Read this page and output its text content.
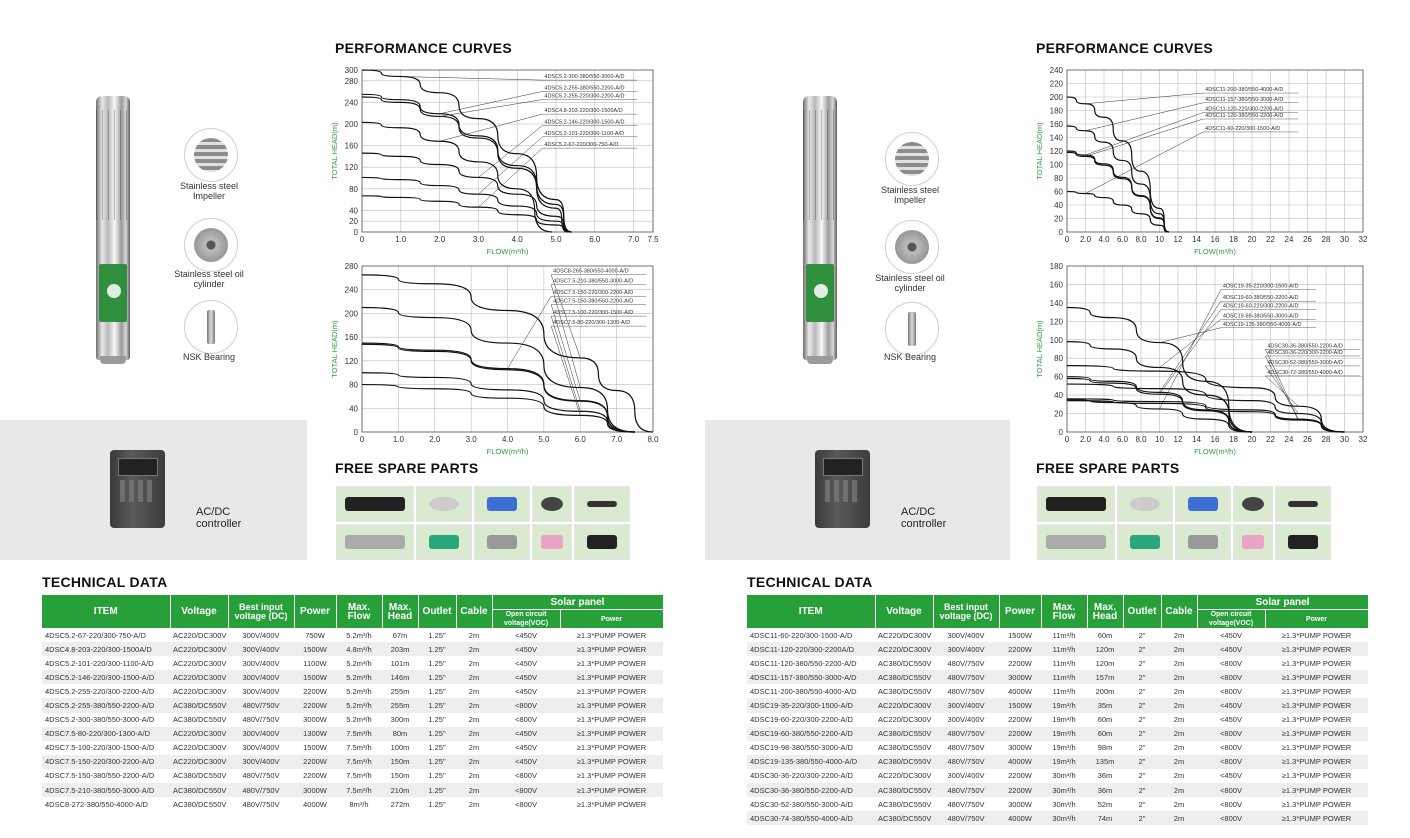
Stainless steel Impeller
Stainless steel oil cylinder
NSK Bearing
AC/DC controller
PERFORMANCE CURVES
0	1.0	2.0	3.0	4.0	5.0	6.0	7.0 7.5
0
20
40
80
120
160
200
240
280
300
FLOW(m³/h)
TOTAL HEAD(m)
4DSC5.2-300-380/550-3000-A/D
4DSC5.2-255-380/550-2200-A/D
4DSC5.2-255-220/300-2200-A/D
4DSC4.8-203-220/300-1500A/D
4DSC5.2-146-220/300-1500-A/D
4DSC5.2-101-220/300-1100-A/D
4DSC5.2-67-220/300-750-A/D
0	1.0	2.0	3.0	4.0	5.0	6.0	7.0	8.0
0
40
80
120
160
200
240
280
FLOW(m³/h)
TOTAL HEAD(m)
4DSC8-265-380/550-4000-A/D
4DSC7.5-210-380/550-3000-A/D
4DSC7.5-150-220/300-2200-A/D
4DSC7.5-150-380/550-2200-A/D
4DSC7.5-100-220/300-1500-A/D
4DSC7.5-80-220/300-1300-A/D
FREE SPARE PARTS
TECHNICAL DATA
ITEM	Voltage	Best input voltage (DC)	Power	Max. Flow	Max. Head	Outlet	Cable	Solar panel	
								Open circuit voltage(VOC)	Power
4DSC5.2-67-220/300-750-A/D	AC220/DC300V	300V/400V	750W	5.2m³/h	67m	1.25"	2m	<450V	≥1.3*PUMP POWER
4DSC4.8-203-220/300-1500A/D	AC220/DC300V	300V/400V	1500W	4.8m³/h	203m	1.25"	2m	<450V	≥1.3*PUMP POWER
4DSC5.2-101-220/300-1100-A/D	AC220/DC300V	300V/400V	1100W	5.2m³/h	101m	1.25"	2m	<450V	≥1.3*PUMP POWER
4DSC5.2-146-220/300-1500-A/D	AC220/DC300V	300V/400V	1500W	5.2m³/h	146m	1.25"	2m	<450V	≥1.3*PUMP POWER
4DSC5.2-255-220/300-2200-A/D	AC220/DC300V	300V/400V	2200W	5.2m³/h	255m	1.25"	2m	<450V	≥1.3*PUMP POWER
4DSC5.2-255-380/550-2200-A/D	AC380/DC550V	480V/750V	2200W	5.2m³/h	255m	1.25"	2m	<800V	≥1.3*PUMP POWER
4DSC5.2-300-380/550-3000-A/D	AC380/DC550V	480V/750V	3000W	5.2m³/h	300m	1.25"	2m	<800V	≥1.3*PUMP POWER
4DSC7.5-80-220/300-1300-A/D	AC220/DC300V	300V/400V	1300W	7.5m³/h	80m	1.25"	2m	<450V	≥1.3*PUMP POWER
4DSC7.5-100-220/300-1500-A/D	AC220/DC300V	300V/400V	1500W	7.5m³/h	100m	1.25"	2m	<450V	≥1.3*PUMP POWER
4DSC7.5-150-220/300-2200-A/D	AC220/DC300V	300V/400V	2200W	7.5m³/h	150m	1.25"	2m	<450V	≥1.3*PUMP POWER
4DSC7.5-150-380/550-2200-A/D	AC380/DC550V	480V/750V	2200W	7.5m³/h	150m	1.25"	2m	<800V	≥1.3*PUMP POWER
4DSC7.5-210-380/550-3000-A/D	AC380/DC550V	480V/750V	3000W	7.5m³/h	210m	1.25"	2m	<800V	≥1.3*PUMP POWER
4DSC8-272-380/550-4000-A/D	AC380/DC550V	480V/750V	4000W	8m³/h	272m	1.25"	2m	<800V	≥1.3*PUMP POWER
Stainless steel Impeller
Stainless steel oil cylinder
NSK Bearing
AC/DC controller
PERFORMANCE CURVES
0 2.0 4.0 6.0 8.0 10 12 14 16 18 20 22 24 26 28 30 32
0
20
40
60
80
100
120
140
160
180
200
220
240
FLOW(m³/h)
TOTAL HEAD(m)
4DSC11-200-380/550-4000-A/D
4DSC11-157-380/550-3000-A/D
4DSC11-120-220/300-2200-A/D
4DSC11-120-380/550-2200-A/D
4DSC11-60-220/300-1500-A/D
0 2.0 4.0 6.0 8.0 10 12 14 16 18 20 22 24 26 28 30 32
0
20
40
60
80
100
120
140
160
180
FLOW(m³/h)
TOTAL HEAD(m)
4DSC19-35-220/300-1500-A/D
4DSC19-60-380/550-2200-A/D
4DSC19-60-220/300-2200-A/D
4DSC19-98-380/550-3000-A/D
4DSC19-135-380/550-4000-A/D
4DSC30-36-380/550-2200-A/D
4DSC30-36-220/300-2200-A/D
4DSC30-52-380/550-3000-A/D
4DSC30-72-380/550-4000-A/D
FREE SPARE PARTS
TECHNICAL DATA
ITEM	Voltage	Best input voltage (DC)	Power	Max. Flow	Max. Head	Outlet	Cable	Solar panel	
								Open circuit voltage(VOC)	Power
4DSC11-60-220/300-1500-A/D	AC220/DC300V	300V/400V	1500W	11m³/h	60m	2"	2m	<450V	≥1.3*PUMP POWER
4DSC11-120-220/300-2200A/D	AC220/DC300V	300V/400V	2200W	11m³/h	120m	2"	2m	<450V	≥1.3*PUMP POWER
4DSC11-120-380/550-2200-A/D	AC380/DC550V	480V/750V	2200W	11m³/h	120m	2"	2m	<800V	≥1.3*PUMP POWER
4DSC11-157-380/550-3000-A/D	AC380/DC550V	480V/750V	3000W	11m³/h	157m	2"	2m	<800V	≥1.3*PUMP POWER
4DSC11-200-380/550-4000-A/D	AC380/DC550V	480V/750V	4000W	11m³/h	200m	2"	2m	<800V	≥1.3*PUMP POWER
4DSC19-35-220/300-1500-A/D	AC220/DC300V	300V/400V	1500W	19m³/h	35m	2"	2m	<450V	≥1.3*PUMP POWER
4DSC19-60-220/300-2200-A/D	AC220/DC300V	300V/400V	2200W	19m³/h	60m	2"	2m	<450V	≥1.3*PUMP POWER
4DSC19-60-380/550-2200-A/D	AC380/DC550V	480V/750V	2200W	19m³/h	60m	2"	2m	<800V	≥1.3*PUMP POWER
4DSC19-98-380/550-3000-A/D	AC380/DC550V	480V/750V	3000W	19m³/h	98m	2"	2m	<800V	≥1.3*PUMP POWER
4DSC19-135-380/550-4000-A/D	AC380/DC550V	480V/750V	4000W	19m³/h	135m	2"	2m	<800V	≥1.3*PUMP POWER
4DSC30-36-220/300-2200-A/D	AC220/DC300V	300V/400V	2200W	30m³/h	36m	2"	2m	<450V	≥1.3*PUMP POWER
4DSC30-36-380/550-2200-A/D	AC380/DC550V	480V/750V	2200W	30m³/h	36m	2"	2m	<800V	≥1.3*PUMP POWER
4DSC30-52-380/550-3000-A/D	AC380/DC550V	480V/750V	3000W	30m³/h	52m	2"	2m	<800V	≥1.3*PUMP POWER
4DSC30-74-380/550-4000-A/D	AC380/DC550V	480V/750V	4000W	30m³/h	74m	2"	2m	<800V	≥1.3*PUMP POWER
